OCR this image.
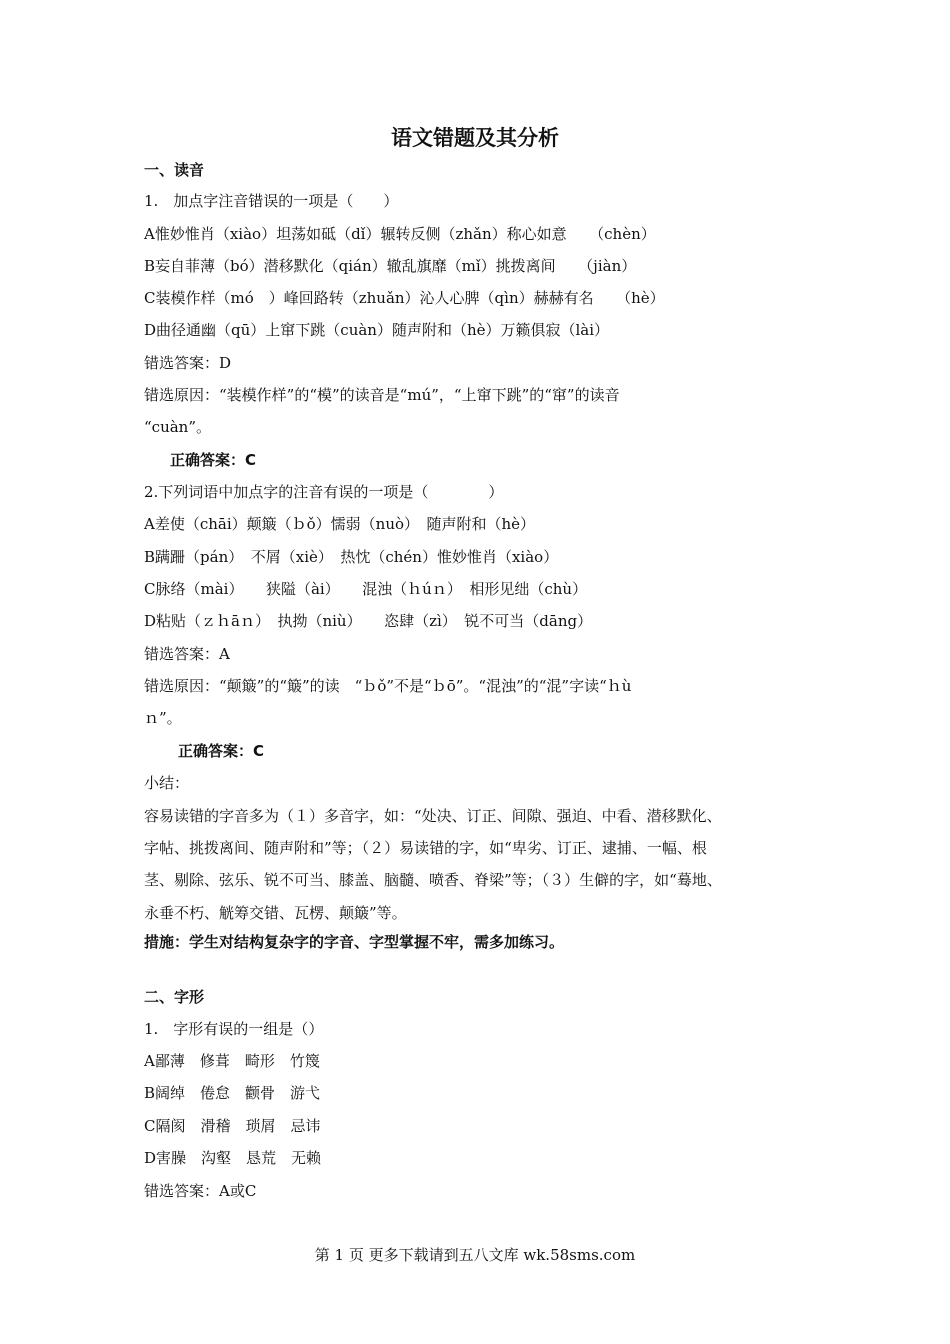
语文错题及其分析
一、读音
1.　加点字注音错误的一项是（　　）
A惟妙惟肖（xiào）坦荡如砥（dǐ）辗转反侧（zhǎn）称心如意　　（chèn）
B妄自菲薄（bó）潜移默化（qián）辙乱旗靡（mǐ）挑拨离间　　（jiàn）
C装模作样（mó　）峰回路转（zhuǎn）沁人心脾（qìn）赫赫有名　　（hè）
D曲径通幽（qū）上窜下跳（cuàn）随声附和（hè）万籁俱寂（lài）
错选答案：D
错选原因：“装模作样”的“模”的读音是“mú”，“上窜下跳”的“窜”的读音
“cuàn”。
正确答案：C
2.下列词语中加点字的注音有误的一项是（　　　　）
A差使（chāi）颠簸（ｂǒ）懦弱（nuò）　随声附和（hè）
B蹒跚（pán）　不屑（xiè）　热忱（chén）惟妙惟肖（xiào）
C脉络（mài）　　狭隘（ài）　　混浊（ｈúｎ）　相形见绌（chù）
D粘贴（ｚｈāｎ）　执拗（niù）　　恣肆（zì）　锐不可当（dāng）
错选答案：A
错选原因：“颠簸”的“簸”的读　“ｂǒ”不是“ｂō”。“混浊”的“混”字读“ｈù
ｎ”。
正确答案：C
小结：
容易读错的字音多为（１）多音字，如：“处决、订正、间隙、强迫、中看、潜移默化、
字帖、挑拨离间、随声附和”等；（２）易读错的字，如“卑劣、订正、逮捕、一幅、根
茎、剔除、弦乐、锐不可当、膝盖、脑髓、喷香、脊梁”等；（３）生僻的字，如“蓦地、
永垂不朽、觥筹交错、瓦楞、颠簸”等。
措施：学生对结构复杂字的字音、字型掌握不牢，需多加练习。
二、字形
1.　字形有误的一组是（）
A鄙薄　修葺　畸形　竹篾
B阔绰　倦怠　颧骨　游弋
C隔阂　滑稽　琐屑　忌讳
D害臊　沟壑　恳荒　无赖
错选答案：A或C
第 1 页 更多下载请到五八文库 wk.58sms.com
